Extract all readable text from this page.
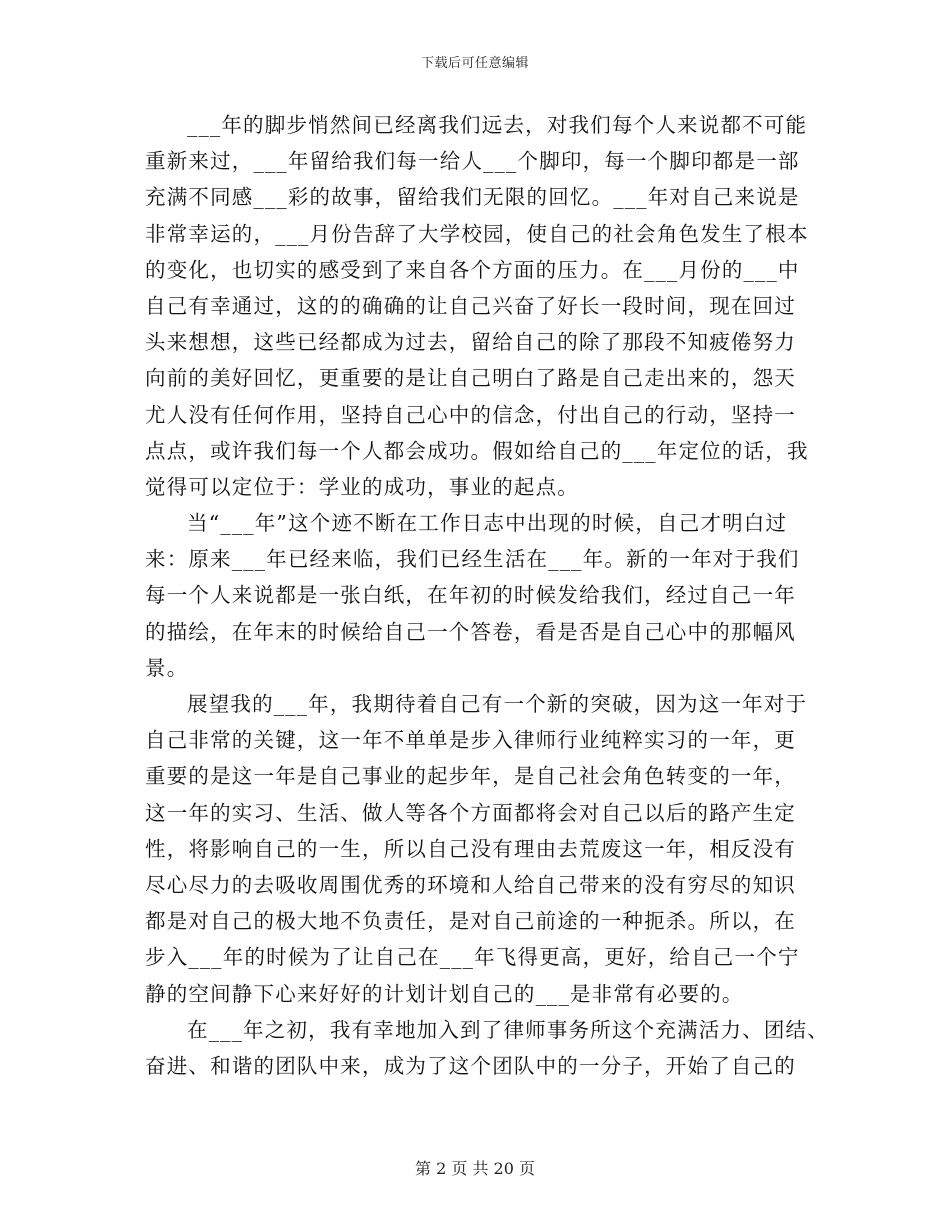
下载后可任意编辑
___年的脚步悄然间已经离我们远去，对我们每个人来说都不可能
重新来过，___年留给我们每一给人___个脚印，每一个脚印都是一部
充满不同感___彩的故事，留给我们无限的回忆。___年对自己来说是
非常幸运的，___月份告辞了大学校园，使自己的社会角色发生了根本
的变化，也切实的感受到了来自各个方面的压力。在___月份的___中
自己有幸通过，这的的确确的让自己兴奋了好长一段时间，现在回过
头来想想，这些已经都成为过去，留给自己的除了那段不知疲倦努力
向前的美好回忆，更重要的是让自己明白了路是自己走出来的，怨天
尤人没有任何作用，坚持自己心中的信念，付出自己的行动，坚持一
点点，或许我们每一个人都会成功。假如给自己的___年定位的话，我
觉得可以定位于：学业的成功，事业的起点。
当“___年”这个迹不断在工作日志中出现的时候，自己才明白过
来：原来___年已经来临，我们已经生活在___年。新的一年对于我们
每一个人来说都是一张白纸，在年初的时候发给我们，经过自己一年
的描绘，在年末的时候给自己一个答卷，看是否是自己心中的那幅风
景。
展望我的___年，我期待着自己有一个新的突破，因为这一年对于
自己非常的关键，这一年不单单是步入律师行业纯粹实习的一年，更
重要的是这一年是自己事业的起步年，是自己社会角色转变的一年，
这一年的实习、生活、做人等各个方面都将会对自己以后的路产生定
性，将影响自己的一生，所以自己没有理由去荒废这一年，相反没有
尽心尽力的去吸收周围优秀的环境和人给自己带来的没有穷尽的知识
都是对自己的极大地不负责任，是对自己前途的一种扼杀。所以，在
步入___年的时候为了让自己在___年飞得更高，更好，给自己一个宁
静的空间静下心来好好的计划计划自己的___是非常有必要的。
在___年之初，我有幸地加入到了律师事务所这个充满活力、团结、
奋进、和谐的团队中来，成为了这个团队中的一分子，开始了自己的
第 2 页 共 20 页
